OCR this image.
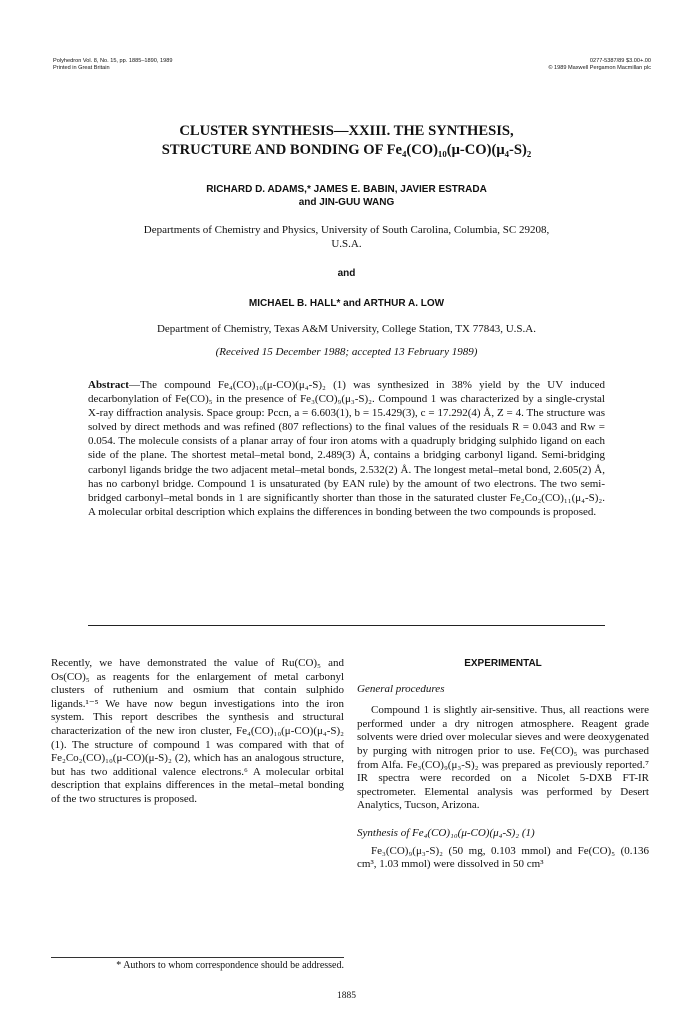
Polyhedron Vol. 8, No. 15, pp. 1885–1890, 1989
Printed in Great Britain
0277-5387/89 $3.00+.00
© 1989 Maxwell Pergamon Macmillan plc
CLUSTER SYNTHESIS—XXIII. THE SYNTHESIS,
STRUCTURE AND BONDING OF Fe₄(CO)₁₀(μ-CO)(μ₄-S)₂
RICHARD D. ADAMS,* JAMES E. BABIN, JAVIER ESTRADA
and JIN-GUU WANG
Departments of Chemistry and Physics, University of South Carolina, Columbia, SC 29208,
U.S.A.
and
MICHAEL B. HALL* and ARTHUR A. LOW
Department of Chemistry, Texas A&M University, College Station, TX 77843, U.S.A.
(Received 15 December 1988; accepted 13 February 1989)
Abstract—The compound Fe₄(CO)₁₀(μ-CO)(μ₄-S)₂ (1) was synthesized in 38% yield by the UV induced decarbonylation of Fe(CO)₅ in the presence of Fe₃(CO)₉(μ₃-S)₂. Compound 1 was characterized by a single-crystal X-ray diffraction analysis. Space group: Pccn, a = 6.603(1), b = 15.429(3), c = 17.292(4) Å, Z = 4. The structure was solved by direct methods and was refined (807 reflections) to the final values of the residuals R = 0.043 and Rw = 0.054. The molecule consists of a planar array of four iron atoms with a quadruply bridging sulphido ligand on each side of the plane. The shortest metal–metal bond, 2.489(3) Å, contains a bridging carbonyl ligand. Semi-bridging carbonyl ligands bridge the two adjacent metal–metal bonds, 2.532(2) Å. The longest metal–metal bond, 2.605(2) Å, has no carbonyl bridge. Compound 1 is unsaturated (by EAN rule) by the amount of two electrons. The two semi-bridged carbonyl–metal bonds in 1 are significantly shorter than those in the saturated cluster Fe₂Co₂(CO)₁₁(μ₄-S)₂. A molecular orbital description which explains the differences in bonding between the two compounds is proposed.
Recently, we have demonstrated the value of Ru(CO)₅ and Os(CO)₅ as reagents for the enlargement of metal carbonyl clusters of ruthenium and osmium that contain sulphido ligands.¹⁻⁵ We have now begun investigations into the iron system. This report describes the synthesis and structural characterization of the new iron cluster, Fe₄(CO)₁₀(μ-CO)(μ₄-S)₂ (1). The structure of compound 1 was compared with that of Fe₂Co₂(CO)₁₀(μ-CO)(μ-S)₂ (2), which has an analogous structure, but has two additional valence electrons.⁶ A molecular orbital description that explains differences in the metal–metal bonding of the two structures is proposed.
EXPERIMENTAL
General procedures
Compound 1 is slightly air-sensitive. Thus, all reactions were performed under a dry nitrogen atmosphere. Reagent grade solvents were dried over molecular sieves and were deoxygenated by purging with nitrogen prior to use. Fe(CO)₅ was purchased from Alfa. Fe₃(CO)₉(μ₃-S)₂ was prepared as previously reported.⁷ IR spectra were recorded on a Nicolet 5-DXB FT-IR spectrometer. Elemental analysis was performed by Desert Analytics, Tucson, Arizona.
Synthesis of Fe₄(CO)₁₀(μ-CO)(μ₄-S)₂ (1)
Fe₃(CO)₉(μ₃-S)₂ (50 mg, 0.103 mmol) and Fe(CO)₅ (0.136 cm³, 1.03 mmol) were dissolved in 50 cm³
* Authors to whom correspondence should be addressed.
1885
